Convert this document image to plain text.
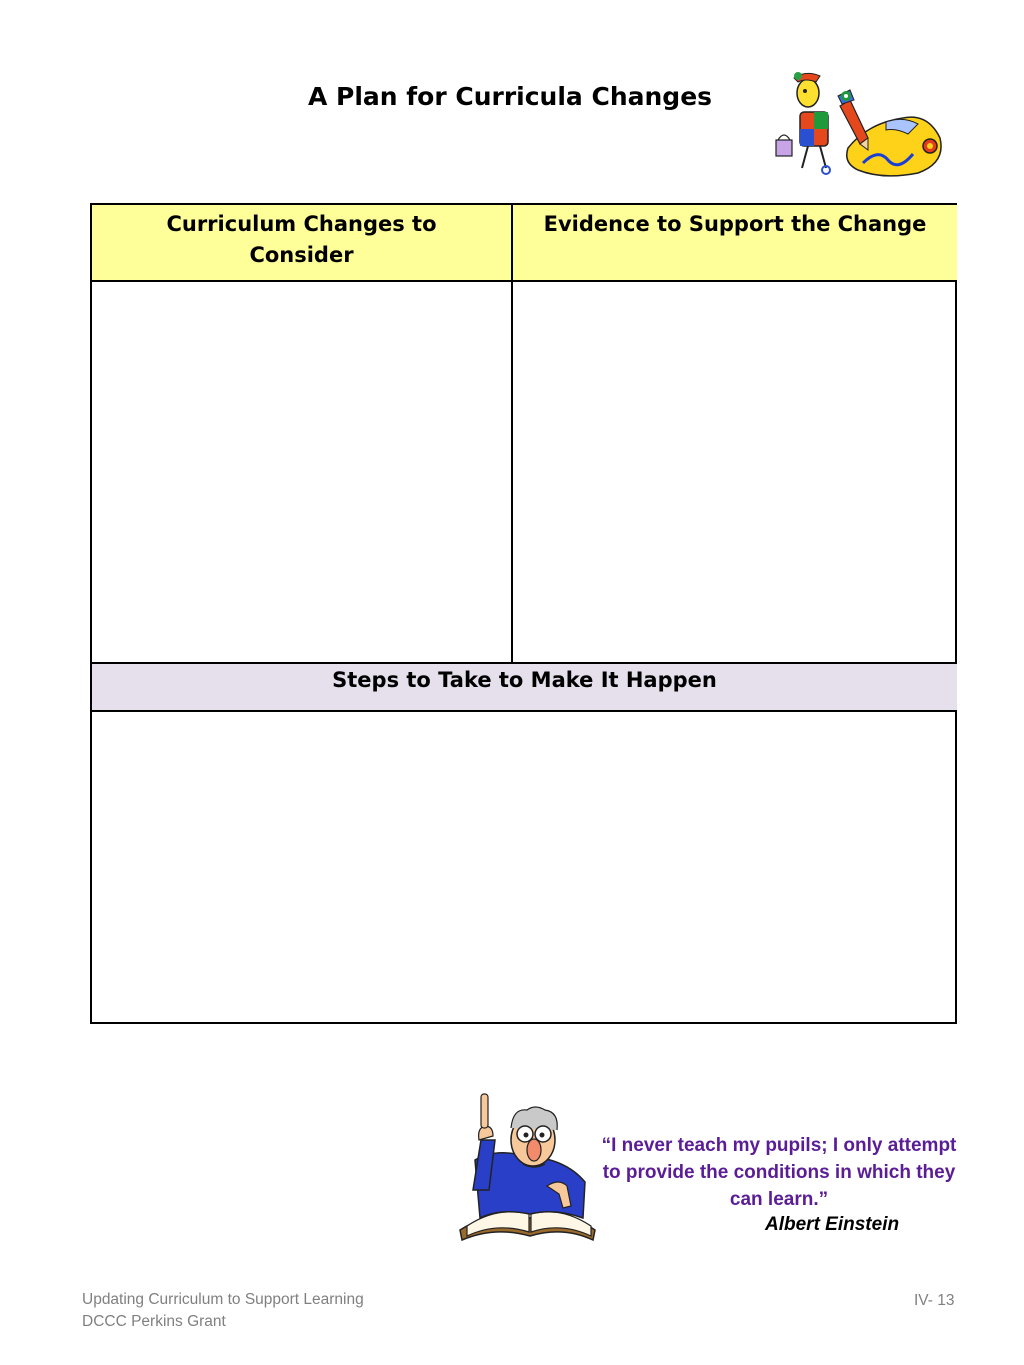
A Plan for Curricula Changes
Curriculum Changes to Consider
Evidence to Support the Change
Steps to Take to Make It Happen
“I never teach my pupils; I only attempt to provide the conditions in which they can learn.”
Albert Einstein
Updating Curriculum to Support Learning
DCCC Perkins Grant
IV- 13
